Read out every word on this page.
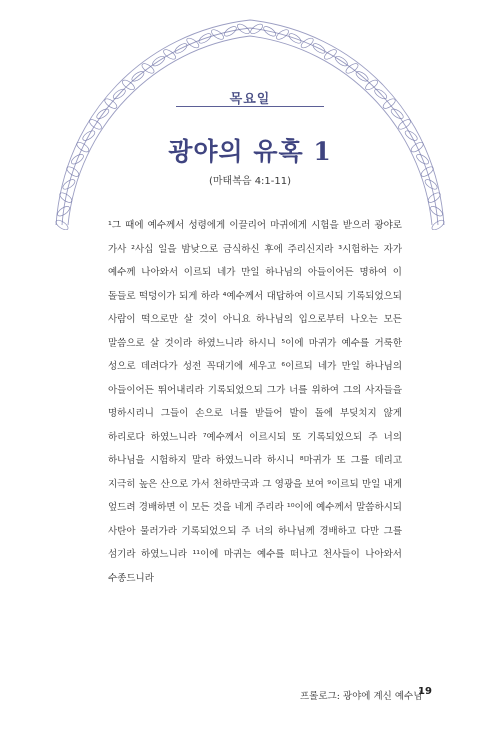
목요일
광야의 유혹 1
(마태복음 4:1-11)
¹그 때에 예수께서 성령에게 이끌리어 마귀에게 시험을 받으러 광야로 가사 ²사십 일을 밤낮으로 금식하신 후에 주리신지라 ³시험하는 자가 예수께 나아와서 이르되 네가 만일 하나님의 아들이어든 명하여 이 돌들로 떡덩이가 되게 하라 ⁴예수께서 대답하여 이르시되 기록되었으되 사람이 떡으로만 살 것이 아니요 하나님의 입으로부터 나오는 모든 말씀으로 살 것이라 하였느니라 하시니 ⁵이에 마귀가 예수를 거룩한 성으로 데려다가 성전 꼭대기에 세우고 ⁶이르되 네가 만일 하나님의 아들이어든 뛰어내리라 기록되었으되 그가 너를 위하여 그의 사자들을 명하시리니 그들이 손으로 너를 받들어 발이 돌에 부딪치지 않게 하리로다 하였느니라 ⁷예수께서 이르시되 또 기록되었으되 주 너의 하나님을 시험하지 말라 하였느니라 하시니 ⁸마귀가 또 그를 데리고 지극히 높은 산으로 가서 천하만국과 그 영광을 보여 ⁹이르되 만일 내게 엎드려 경배하면 이 모든 것을 네게 주리라 ¹⁰이에 예수께서 말씀하시되 사탄아 물러가라 기록되었으되 주 너의 하나님께 경배하고 다만 그를 섬기라 하였느니라 ¹¹이에 마귀는 예수를 떠나고 천사들이 나아와서 수종드니라
프롤로그: 광야에 계신 예수님
19
